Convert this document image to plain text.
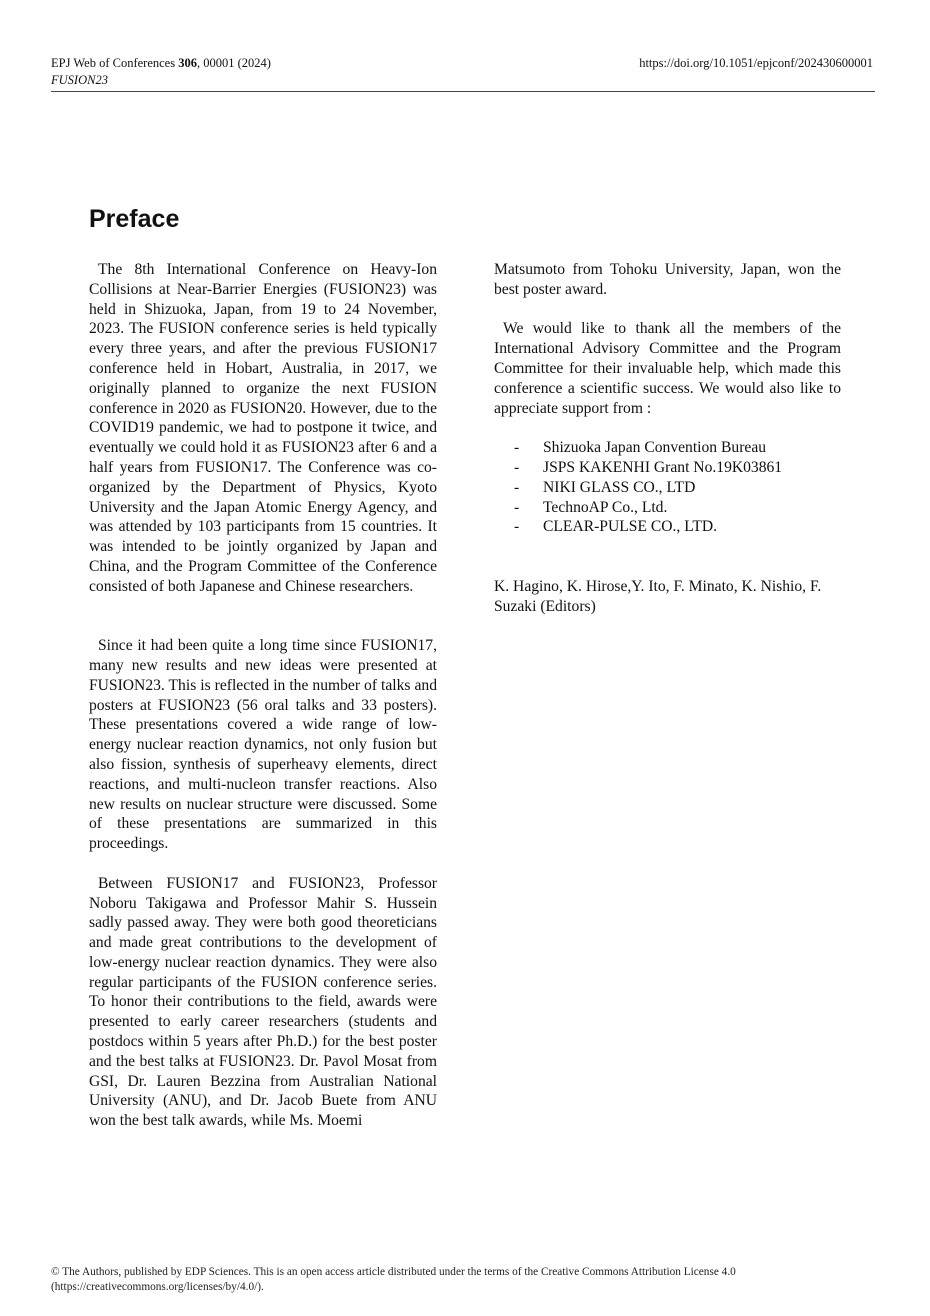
EPJ Web of Conferences 306, 00001 (2024)
FUSION23
https://doi.org/10.1051/epjconf/202430600001
Preface

The 8th International Conference on Heavy-Ion Collisions at Near-Barrier Energies (FUSION23) was held in Shizuoka, Japan, from 19 to 24 November, 2023. The FUSION conference series is held typically every three years, and after the previous FUSION17 conference held in Hobart, Australia, in 2017, we originally planned to organize the next FUSION conference in 2020 as FUSION20. However, due to the COVID19 pandemic, we had to postpone it twice, and eventually we could hold it as FUSION23 after 6 and a half years from FUSION17. The Conference was co-organized by the Department of Physics, Kyoto University and the Japan Atomic Energy Agency, and was attended by 103 participants from 15 countries. It was intended to be jointly organized by Japan and China, and the Program Committee of the Conference consisted of both Japanese and Chinese researchers.

Since it had been quite a long time since FUSION17, many new results and new ideas were presented at FUSION23. This is reflected in the number of talks and posters at FUSION23 (56 oral talks and 33 posters). These presentations covered a wide range of low-energy nuclear reaction dynamics, not only fusion but also fission, synthesis of superheavy elements, direct reactions, and multi-nucleon transfer reactions. Also new results on nuclear structure were discussed. Some of these presentations are summarized in this proceedings.

Between FUSION17 and FUSION23, Professor Noboru Takigawa and Professor Mahir S. Hussein sadly passed away. They were both good theoreticians and made great contributions to the development of low-energy nuclear reaction dynamics. They were also regular participants of the FUSION conference series. To honor their contributions to the field, awards were presented to early career researchers (students and postdocs within 5 years after Ph.D.) for the best poster and the best talks at FUSION23. Dr. Pavol Mosat from GSI, Dr. Lauren Bezzina from Australian National University (ANU), and Dr. Jacob Buete from ANU won the best talk awards, while Ms. Moemi

Matsumoto from Tohoku University, Japan, won the best poster award.

We would like to thank all the members of the International Advisory Committee and the Program Committee for their invaluable help, which made this conference a scientific success. We would also like to appreciate support from :

- Shizuoka Japan Convention Bureau
- JSPS KAKENHI Grant No.19K03861
- NIKI GLASS CO., LTD
- TechnoAP Co., Ltd.
- CLEAR-PULSE CO., LTD.

K. Hagino, K. Hirose,Y. Ito, F. Minato, K. Nishio, F. Suzaki (Editors)

© The Authors, published by EDP Sciences. This is an open access article distributed under the terms of the Creative Commons Attribution License 4.0
(https://creativecommons.org/licenses/by/4.0/).
